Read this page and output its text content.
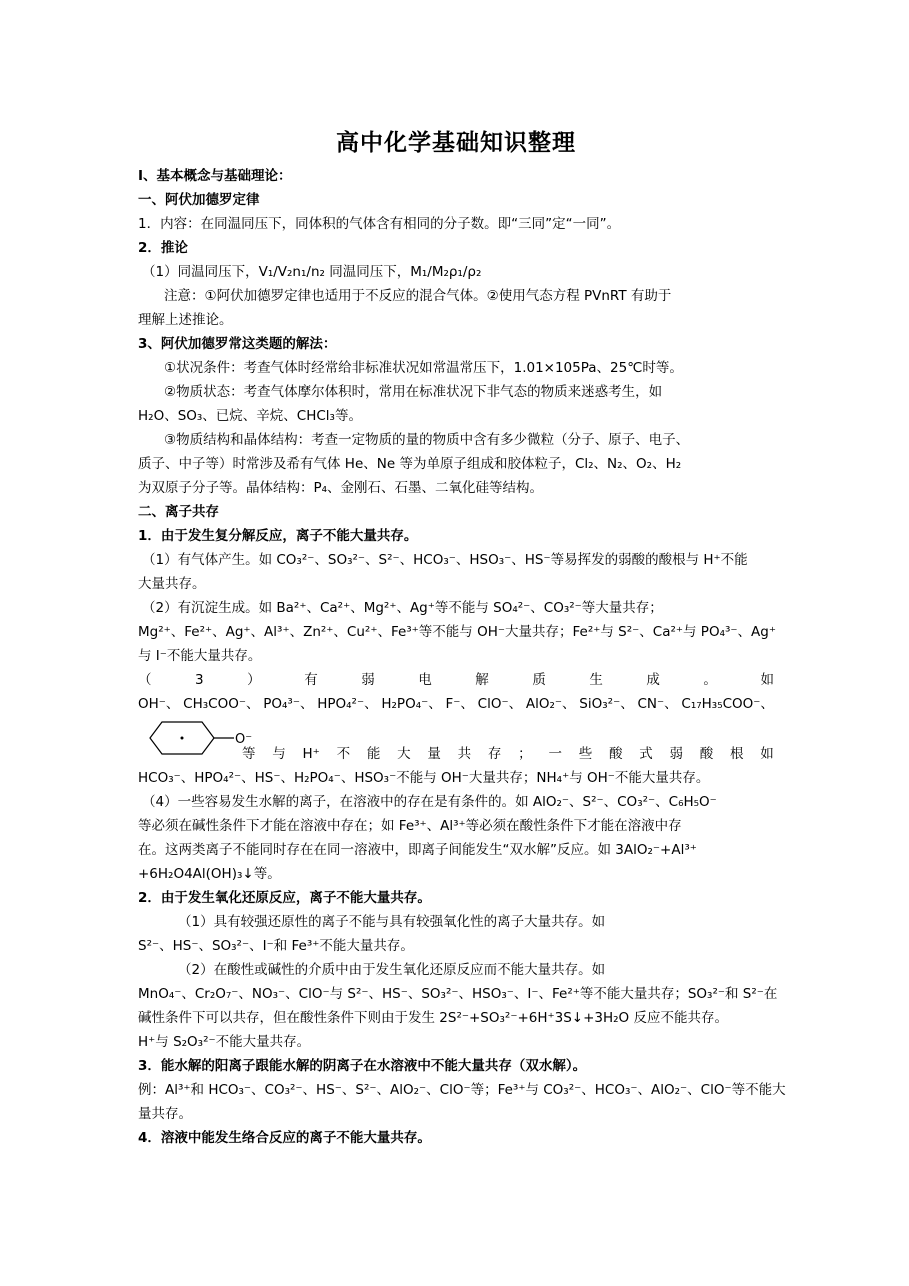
高中化学基础知识整理
I、基本概念与基础理论：
一、阿伏加德罗定律
1．内容：在同温同压下，同体积的气体含有相同的分子数。即“三同”定“一同”。
2．推论
（1）同温同压下，V₁/V₂n₁/n₂ 同温同压下，M₁/M₂ρ₁/ρ₂
注意：①阿伏加德罗定律也适用于不反应的混合气体。②使用气态方程 PVnRT 有助于
理解上述推论。
3、阿伏加德罗常这类题的解法：
①状况条件：考查气体时经常给非标准状况如常温常压下，1.01×105Pa、25℃时等。
②物质状态：考查气体摩尔体积时，常用在标准状况下非气态的物质来迷惑考生，如
H₂O、SO₃、已烷、辛烷、CHCl₃等。
③物质结构和晶体结构：考查一定物质的量的物质中含有多少微粒（分子、原子、电子、
质子、中子等）时常涉及希有气体 He、Ne 等为单原子组成和胶体粒子，Cl₂、N₂、O₂、H₂
为双原子分子等。晶体结构：P₄、金刚石、石墨、二氧化硅等结构。
二、离子共存
1．由于发生复分解反应，离子不能大量共存。
（1）有气体产生。如 CO₃²⁻、SO₃²⁻、S²⁻、HCO₃⁻、HSO₃⁻、HS⁻等易挥发的弱酸的酸根与 H⁺不能
大量共存。
（2）有沉淀生成。如 Ba²⁺、Ca²⁺、Mg²⁺、Ag⁺等不能与 SO₄²⁻、CO₃²⁻等大量共存；
Mg²⁺、Fe²⁺、Ag⁺、Al³⁺、Zn²⁺、Cu²⁺、Fe³⁺等不能与 OH⁻大量共存；Fe²⁺与 S²⁻、Ca²⁺与 PO₄³⁻、Ag⁺
与 I⁻不能大量共存。
（	3	）	有	弱	电	解	质	生	成	。	如
OH⁻、 CH₃COO⁻、 PO₄³⁻、 HPO₄²⁻、 H₂PO₄⁻、 F⁻、 ClO⁻、 AlO₂⁻、 SiO₃²⁻、 CN⁻、 C₁₇H₃₅COO⁻、
O⁻
等 与 H⁺ 不 能 大 量 共 存 ； 一 些 酸 式 弱 酸 根 如
HCO₃⁻、HPO₄²⁻、HS⁻、H₂PO₄⁻、HSO₃⁻不能与 OH⁻大量共存；NH₄⁺与 OH⁻不能大量共存。
（4）一些容易发生水解的离子，在溶液中的存在是有条件的。如 AlO₂⁻、S²⁻、CO₃²⁻、C₆H₅O⁻
等必须在碱性条件下才能在溶液中存在；如 Fe³⁺、Al³⁺等必须在酸性条件下才能在溶液中存
在。这两类离子不能同时存在在同一溶液中，即离子间能发生“双水解”反应。如 3AlO₂⁻+Al³⁺
+6H₂O4Al(OH)₃↓等。
2．由于发生氧化还原反应，离子不能大量共存。
（1）具有较强还原性的离子不能与具有较强氧化性的离子大量共存。如
S²⁻、HS⁻、SO₃²⁻、I⁻和 Fe³⁺不能大量共存。
（2）在酸性或碱性的介质中由于发生氧化还原反应而不能大量共存。如
MnO₄⁻、Cr₂O₇⁻、NO₃⁻、ClO⁻与 S²⁻、HS⁻、SO₃²⁻、HSO₃⁻、I⁻、Fe²⁺等不能大量共存；SO₃²⁻和 S²⁻在
碱性条件下可以共存，但在酸性条件下则由于发生 2S²⁻+SO₃²⁻+6H⁺3S↓+3H₂O 反应不能共存。
H⁺与 S₂O₃²⁻不能大量共存。
3．能水解的阳离子跟能水解的阴离子在水溶液中不能大量共存（双水解）。
例：Al³⁺和 HCO₃⁻、CO₃²⁻、HS⁻、S²⁻、AlO₂⁻、ClO⁻等；Fe³⁺与 CO₃²⁻、HCO₃⁻、AlO₂⁻、ClO⁻等不能大
量共存。
4．溶液中能发生络合反应的离子不能大量共存。
